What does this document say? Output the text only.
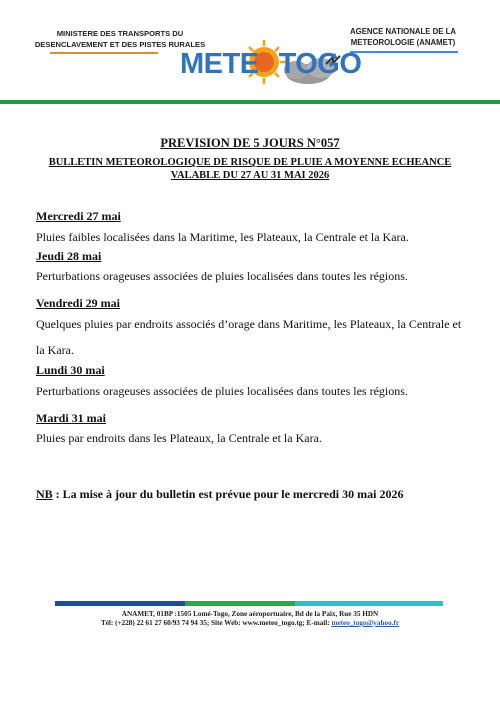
MINISTERE DES TRANSPORTS DU
DESENCLAVEMENT ET DES PISTES RURALES
AGENCE NATIONALE DE LA
METEOROLOGIE (ANAMET)
METE TOGO
PREVISION DE 5 JOURS N°057
BULLETIN METEOROLOGIQUE DE RISQUE DE PLUIE A MOYENNE ECHEANCE
VALABLE DU 27 AU 31 MAI 2026
Mercredi 27 mai
Pluies faibles localisées dans la Maritime, les Plateaux, la Centrale et la Kara.
Jeudi 28 mai
Perturbations orageuses associées de pluies localisées dans toutes les régions.
Vendredi 29 mai
Quelques pluies par endroits associés d’orage dans Maritime, les Plateaux, la Centrale et la Kara.
Lundi 30 mai
Perturbations orageuses associées de pluies localisées dans toutes les régions.
Mardi 31 mai
Pluies par endroits dans les Plateaux, la Centrale et la Kara.
NB : La mise à jour du bulletin est prévue pour le mercredi 30 mai 2026
ANAMET, 01BP :1505 Lomé-Togo, Zone aéroportuaire, Bd de la Paix, Rue 35 HDN
Tél: (+228) 22 61 27 60/93 74 94 35; Site Web: www.meteo_togo.tg; E-mail: meteo_togo@yahoo.fr
